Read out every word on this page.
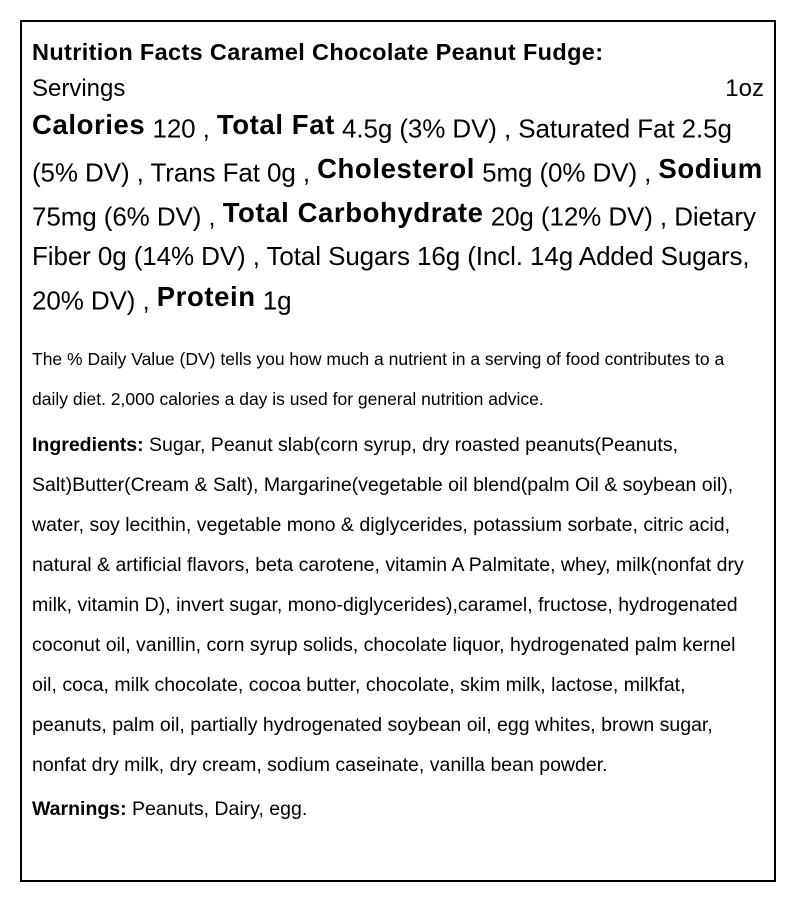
Nutrition Facts Caramel Chocolate Peanut Fudge:
Servings	1oz

Calories 120 , Total Fat 4.5g (3% DV) , Saturated Fat 2.5g (5% DV) , Trans Fat 0g , Cholesterol 5mg (0% DV) , Sodium 75mg (6% DV) , Total Carbohydrate 20g (12% DV) , Dietary Fiber 0g (14% DV) , Total Sugars 16g (Incl. 14g Added Sugars, 20% DV) , Protein 1g

The % Daily Value (DV) tells you how much a nutrient in a serving of food contributes to a daily diet. 2,000 calories a day is used for general nutrition advice.

Ingredients: Sugar, Peanut slab(corn syrup, dry roasted peanuts(Peanuts, Salt)Butter(Cream & Salt), Margarine(vegetable oil blend(palm Oil & soybean oil), water, soy lecithin, vegetable mono & diglycerides, potassium sorbate, citric acid, natural & artificial flavors, beta carotene, vitamin A Palmitate, whey, milk(nonfat dry milk, vitamin D), invert sugar, mono-diglycerides),caramel, fructose, hydrogenated coconut oil, vanillin, corn syrup solids, chocolate liquor, hydrogenated palm kernel oil, coca, milk chocolate, cocoa butter, chocolate, skim milk, lactose, milkfat, peanuts, palm oil, partially hydrogenated soybean oil, egg whites, brown sugar, nonfat dry milk, dry cream, sodium caseinate, vanilla bean powder.

Warnings: Peanuts, Dairy, egg.
